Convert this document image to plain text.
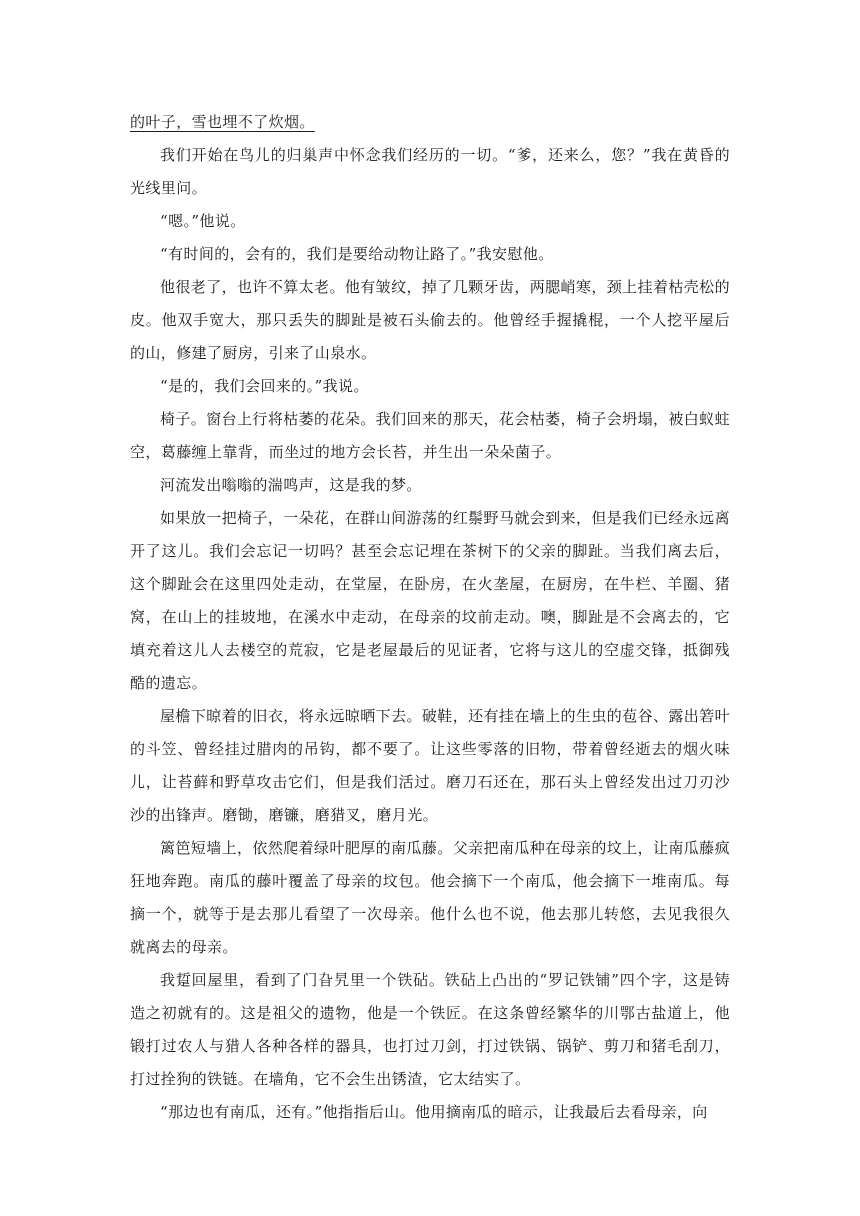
的叶子，雪也埋不了炊烟。

我们开始在鸟儿的归巢声中怀念我们经历的一切。“爹，还来么，您？”我在黄昏的光线里问。

“嗯。”他说。

“有时间的，会有的，我们是要给动物让路了。”我安慰他。

他很老了，也许不算太老。他有皱纹，掉了几颗牙齿，两腮峭寒，颈上挂着枯壳松的皮。他双手宽大，那只丢失的脚趾是被石头偷去的。他曾经手握撬棍，一个人挖平屋后的山，修建了厨房，引来了山泉水。

“是的，我们会回来的。”我说。

椅子。窗台上行将枯萎的花朵。我们回来的那天，花会枯萎，椅子会坍塌，被白蚁蛀空，葛藤缠上靠背，而坐过的地方会长苔，并生出一朵朵菌子。

河流发出嗡嗡的湍鸣声，这是我的梦。

如果放一把椅子，一朵花，在群山间游荡的红鬃野马就会到来，但是我们已经永远离开了这儿。我们会忘记一切吗？甚至会忘记埋在茶树下的父亲的脚趾。当我们离去后，这个脚趾会在这里四处走动，在堂屋，在卧房，在火垄屋，在厨房，在牛栏、羊圈、猪窝，在山上的挂坡地，在溪水中走动，在母亲的坟前走动。噢，脚趾是不会离去的，它填充着这儿人去楼空的荒寂，它是老屋最后的见证者，它将与这儿的空虚交锋，抵御残酷的遗忘。

屋檐下晾着的旧衣，将永远晾晒下去。破鞋，还有挂在墙上的生虫的苞谷、露出箬叶的斗笠、曾经挂过腊肉的吊钩，都不要了。让这些零落的旧物，带着曾经逝去的烟火味儿，让苔藓和野草攻击它们，但是我们活过。磨刀石还在，那石头上曾经发出过刀刃沙沙的出锋声。磨锄，磨镰，磨猎叉，磨月光。

篱笆短墙上，依然爬着绿叶肥厚的南瓜藤。父亲把南瓜种在母亲的坟上，让南瓜藤疯狂地奔跑。南瓜的藤叶覆盖了母亲的坟包。他会摘下一个南瓜，他会摘下一堆南瓜。每摘一个，就等于是去那儿看望了一次母亲。他什么也不说，他去那儿转悠，去见我很久就离去的母亲。

我踅回屋里，看到了门旮旯里一个铁砧。铁砧上凸出的“罗记铁铺”四个字，这是铸造之初就有的。这是祖父的遗物，他是一个铁匠。在这条曾经繁华的川鄂古盐道上，他锻打过农人与猎人各种各样的器具，也打过刀剑，打过铁锅、锅铲、剪刀和猪毛刮刀，打过拴狗的铁链。在墙角，它不会生出锈渣，它太结实了。

“那边也有南瓜，还有。”他指指后山。他用摘南瓜的暗示，让我最后去看母亲，向
